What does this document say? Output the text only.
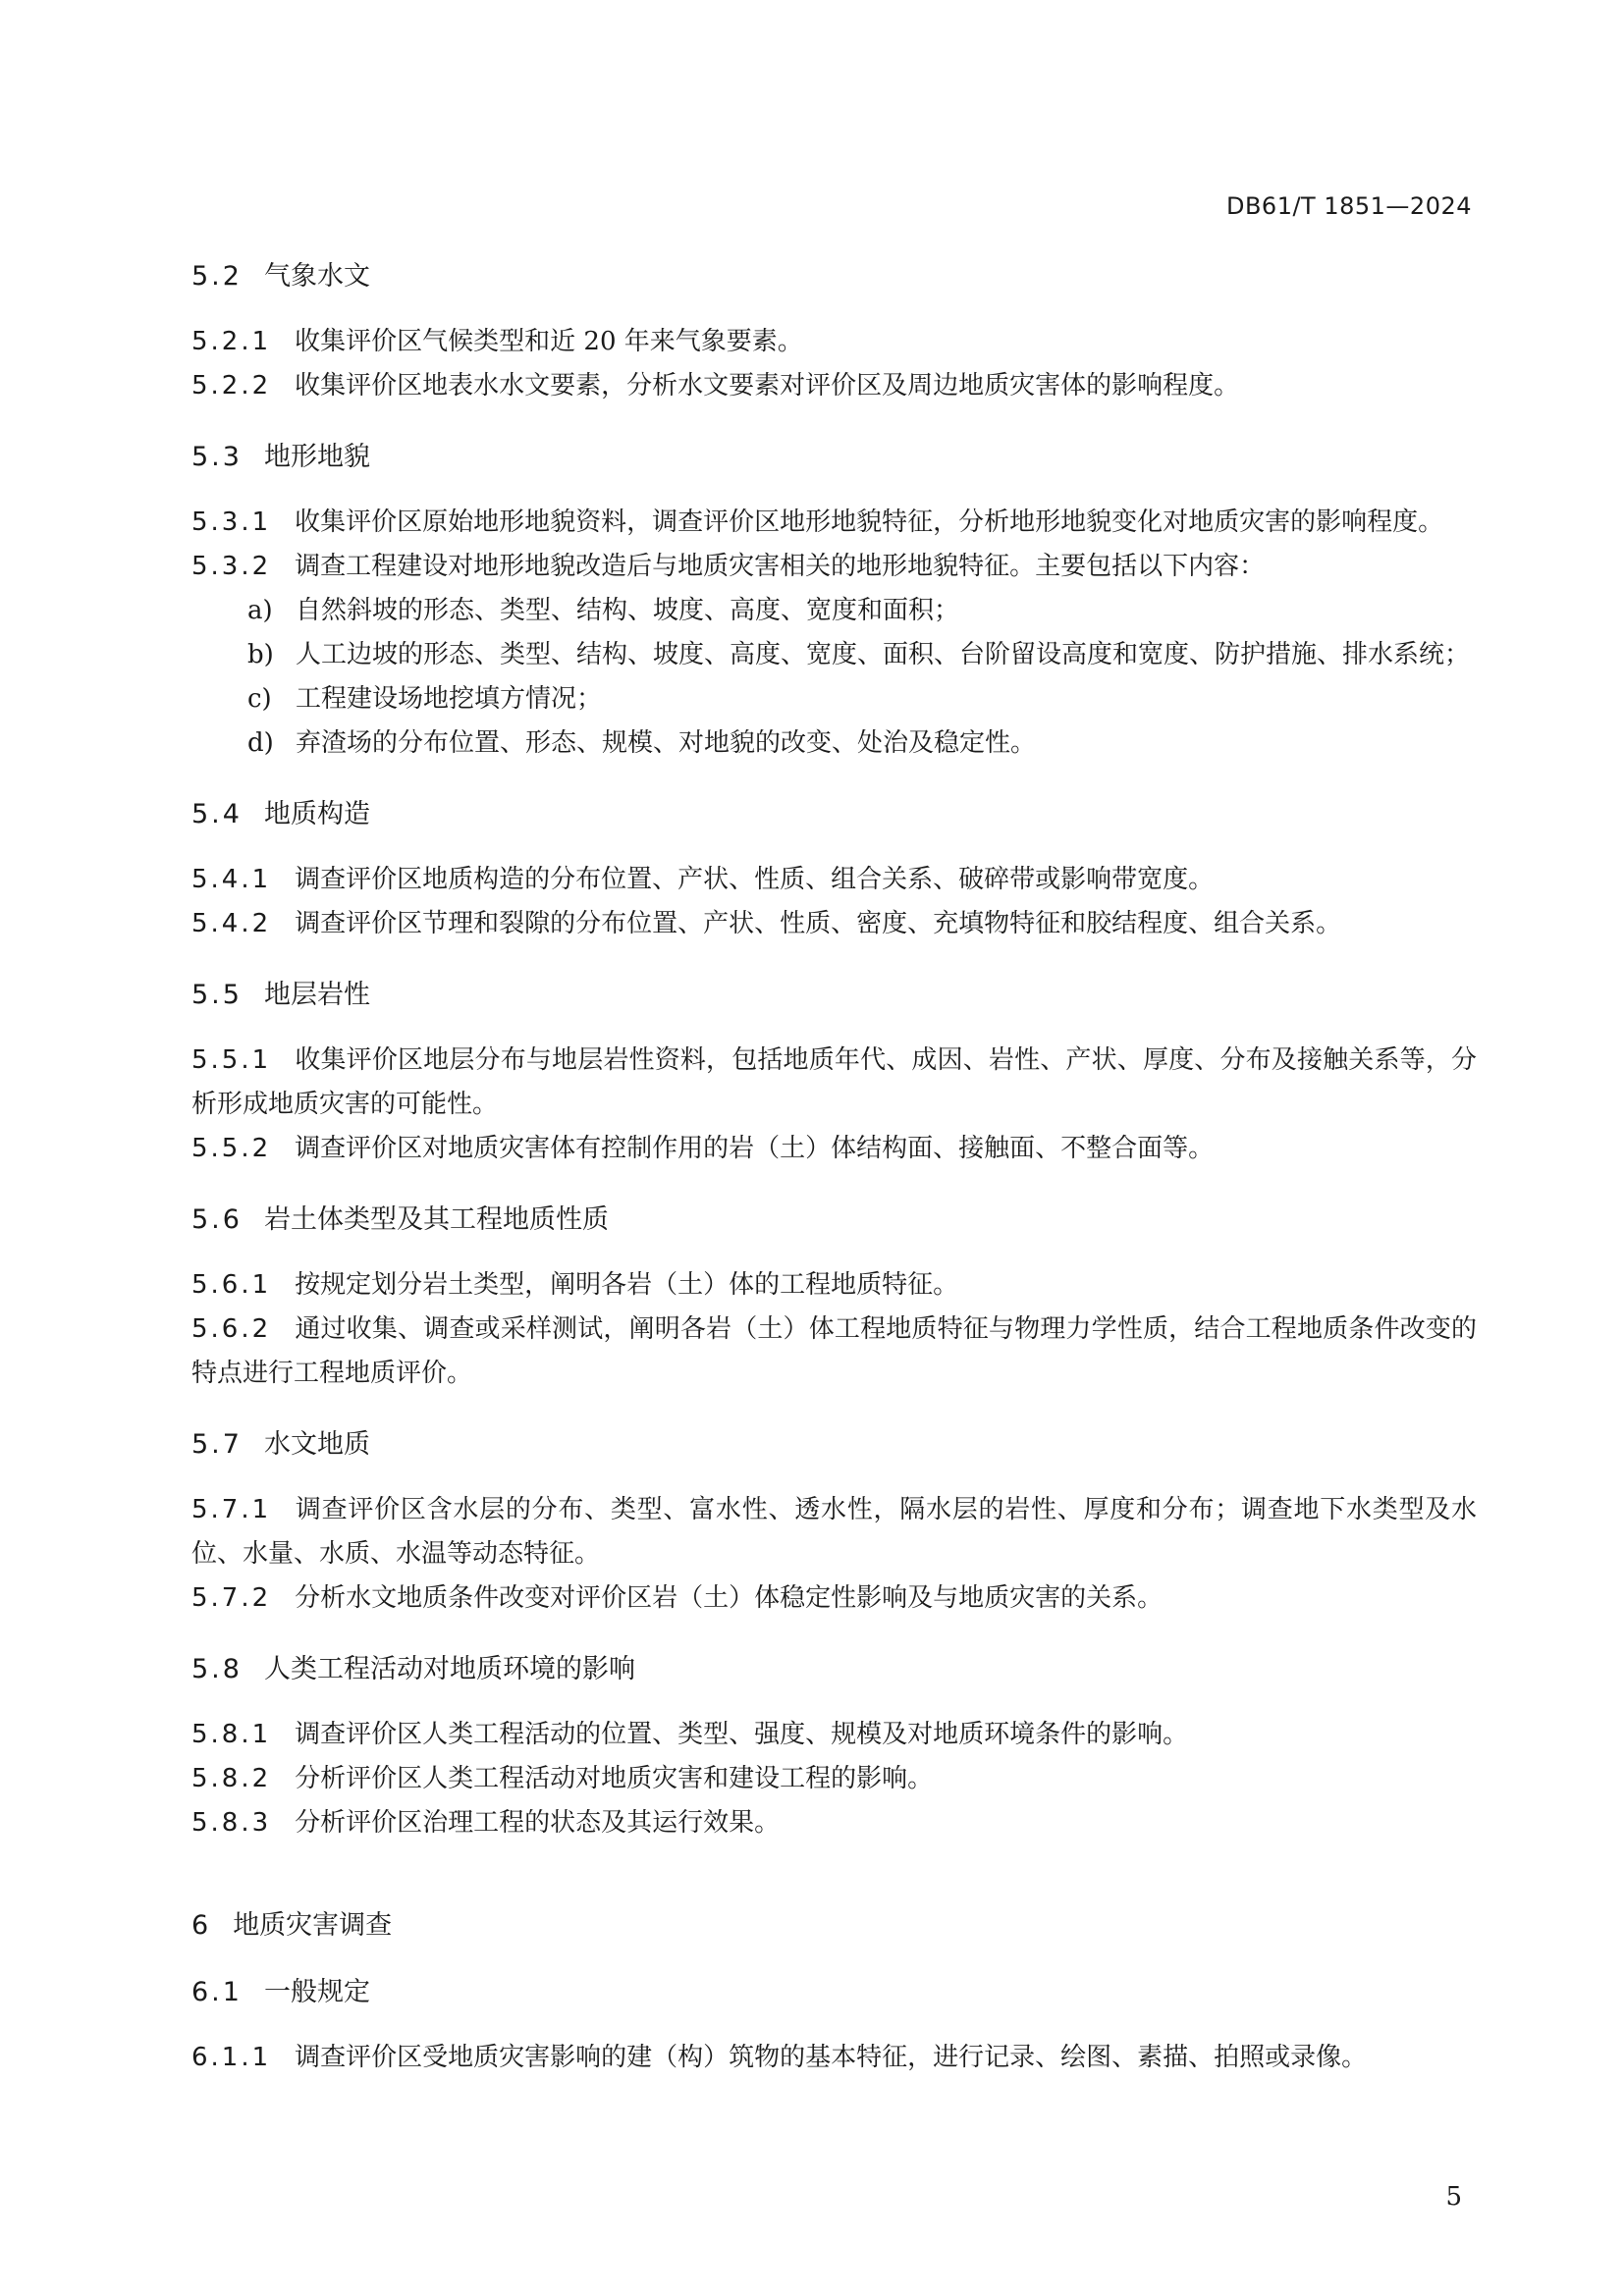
DB61/T 1851—2024
5.2 气象水文
5.2.1 收集评价区气候类型和近 20 年来气象要素。
5.2.2 收集评价区地表水水文要素，分析水文要素对评价区及周边地质灾害体的影响程度。
5.3 地形地貌
5.3.1 收集评价区原始地形地貌资料，调查评价区地形地貌特征，分析地形地貌变化对地质灾害的影响程度。
5.3.2 调查工程建设对地形地貌改造后与地质灾害相关的地形地貌特征。主要包括以下内容：
a) 自然斜坡的形态、类型、结构、坡度、高度、宽度和面积；
b) 人工边坡的形态、类型、结构、坡度、高度、宽度、面积、台阶留设高度和宽度、防护措施、排水系统；
c) 工程建设场地挖填方情况；
d) 弃渣场的分布位置、形态、规模、对地貌的改变、处治及稳定性。
5.4 地质构造
5.4.1 调查评价区地质构造的分布位置、产状、性质、组合关系、破碎带或影响带宽度。
5.4.2 调查评价区节理和裂隙的分布位置、产状、性质、密度、充填物特征和胶结程度、组合关系。
5.5 地层岩性
5.5.1 收集评价区地层分布与地层岩性资料，包括地质年代、成因、岩性、产状、厚度、分布及接触关系等，分析形成地质灾害的可能性。
5.5.2 调查评价区对地质灾害体有控制作用的岩（土）体结构面、接触面、不整合面等。
5.6 岩土体类型及其工程地质性质
5.6.1 按规定划分岩土类型，阐明各岩（土）体的工程地质特征。
5.6.2 通过收集、调查或采样测试，阐明各岩（土）体工程地质特征与物理力学性质，结合工程地质条件改变的特点进行工程地质评价。
5.7 水文地质
5.7.1 调查评价区含水层的分布、类型、富水性、透水性，隔水层的岩性、厚度和分布；调查地下水类型及水位、水量、水质、水温等动态特征。
5.7.2 分析水文地质条件改变对评价区岩（土）体稳定性影响及与地质灾害的关系。
5.8 人类工程活动对地质环境的影响
5.8.1 调查评价区人类工程活动的位置、类型、强度、规模及对地质环境条件的影响。
5.8.2 分析评价区人类工程活动对地质灾害和建设工程的影响。
5.8.3 分析评价区治理工程的状态及其运行效果。
6 地质灾害调查
6.1 一般规定
6.1.1 调查评价区受地质灾害影响的建（构）筑物的基本特征，进行记录、绘图、素描、拍照或录像。
5
